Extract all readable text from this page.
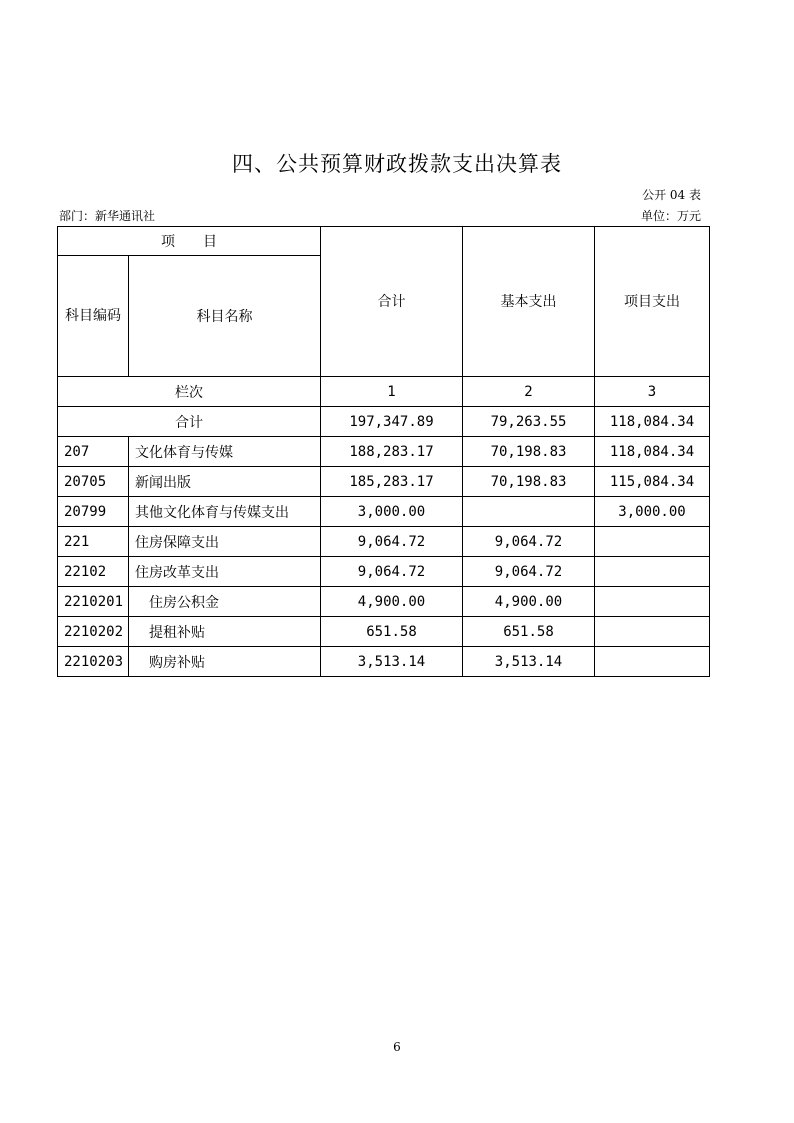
四、公共预算财政拨款支出决算表
公开 04 表
部门：新华通讯社	单位：万元
项　　目		合计	基本支出	项目支出
科目编码	科目名称			
栏次		1	2	3
合计		197,347.89	79,263.55	118,084.34
207	文化体育与传媒	188,283.17	70,198.83	118,084.34
20705	新闻出版	185,283.17	70,198.83	115,084.34
20799	其他文化体育与传媒支出	3,000.00		3,000.00
221	住房保障支出	9,064.72	9,064.72	
22102	住房改革支出	9,064.72	9,064.72	
2210201	住房公积金	4,900.00	4,900.00	
2210202	提租补贴	651.58	651.58	
2210203	购房补贴	3,513.14	3,513.14	
6
